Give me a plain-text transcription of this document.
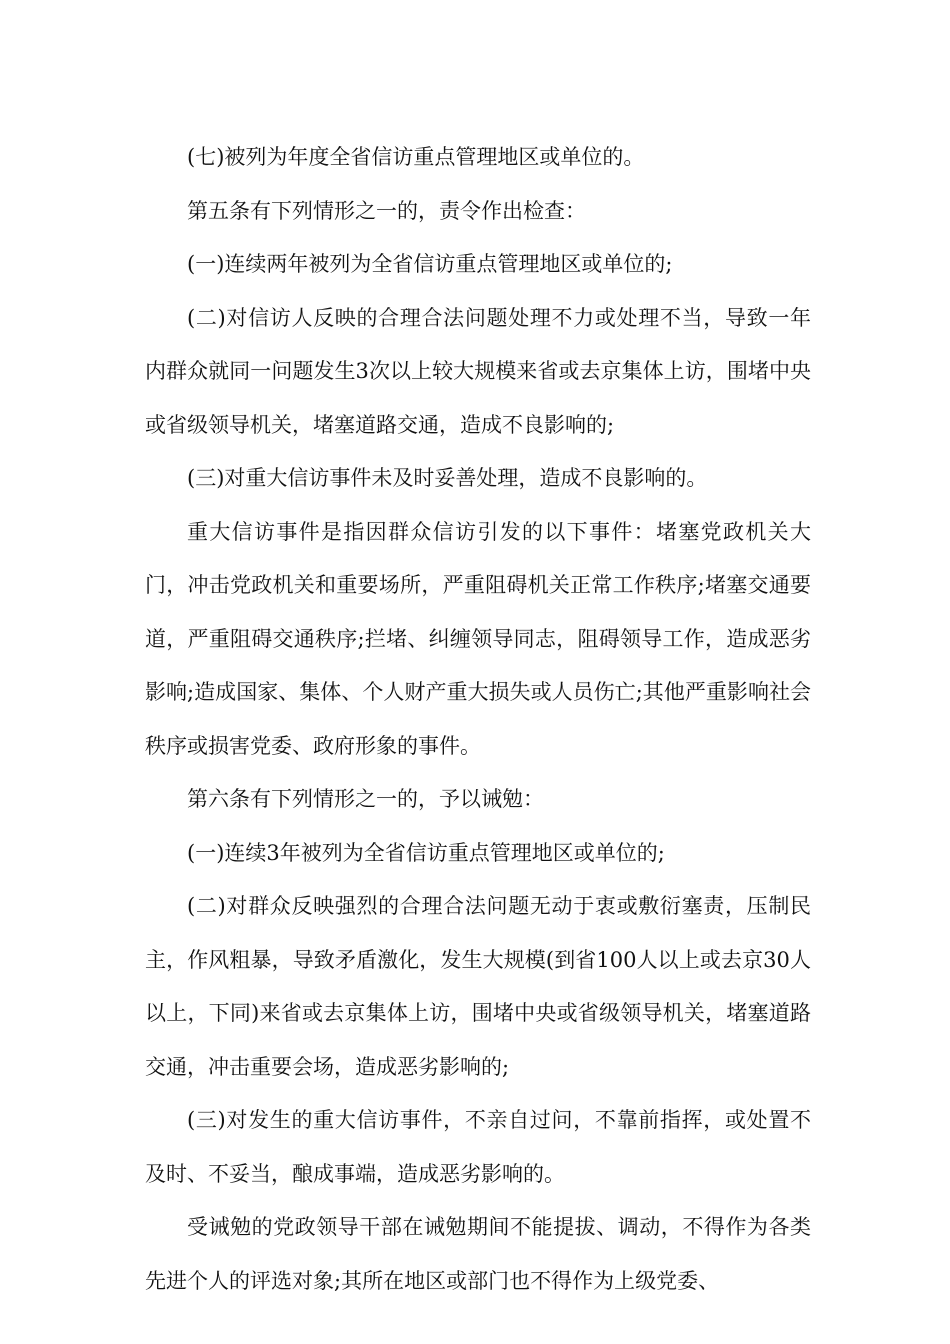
(七)被列为年度全省信访重点管理地区或单位的。

第五条有下列情形之一的，责令作出检查：

(一)连续两年被列为全省信访重点管理地区或单位的;

(二)对信访人反映的合理合法问题处理不力或处理不当，导致一年内群众就同一问题发生3次以上较大规模来省或去京集体上访，围堵中央或省级领导机关，堵塞道路交通，造成不良影响的;

(三)对重大信访事件未及时妥善处理，造成不良影响的。

重大信访事件是指因群众信访引发的以下事件：堵塞党政机关大门，冲击党政机关和重要场所，严重阻碍机关正常工作秩序;堵塞交通要道，严重阻碍交通秩序;拦堵、纠缠领导同志，阻碍领导工作，造成恶劣影响;造成国家、集体、个人财产重大损失或人员伤亡;其他严重影响社会秩序或损害党委、政府形象的事件。

第六条有下列情形之一的，予以诫勉：

(一)连续3年被列为全省信访重点管理地区或单位的;

(二)对群众反映强烈的合理合法问题无动于衷或敷衍塞责，压制民主，作风粗暴，导致矛盾激化，发生大规模(到省100人以上或去京30人以上，下同)来省或去京集体上访，围堵中央或省级领导机关，堵塞道路交通，冲击重要会场，造成恶劣影响的;

(三)对发生的重大信访事件，不亲自过问，不靠前指挥，或处置不及时、不妥当，酿成事端，造成恶劣影响的。

受诫勉的党政领导干部在诫勉期间不能提拔、调动，不得作为各类先进个人的评选对象;其所在地区或部门也不得作为上级党委、
